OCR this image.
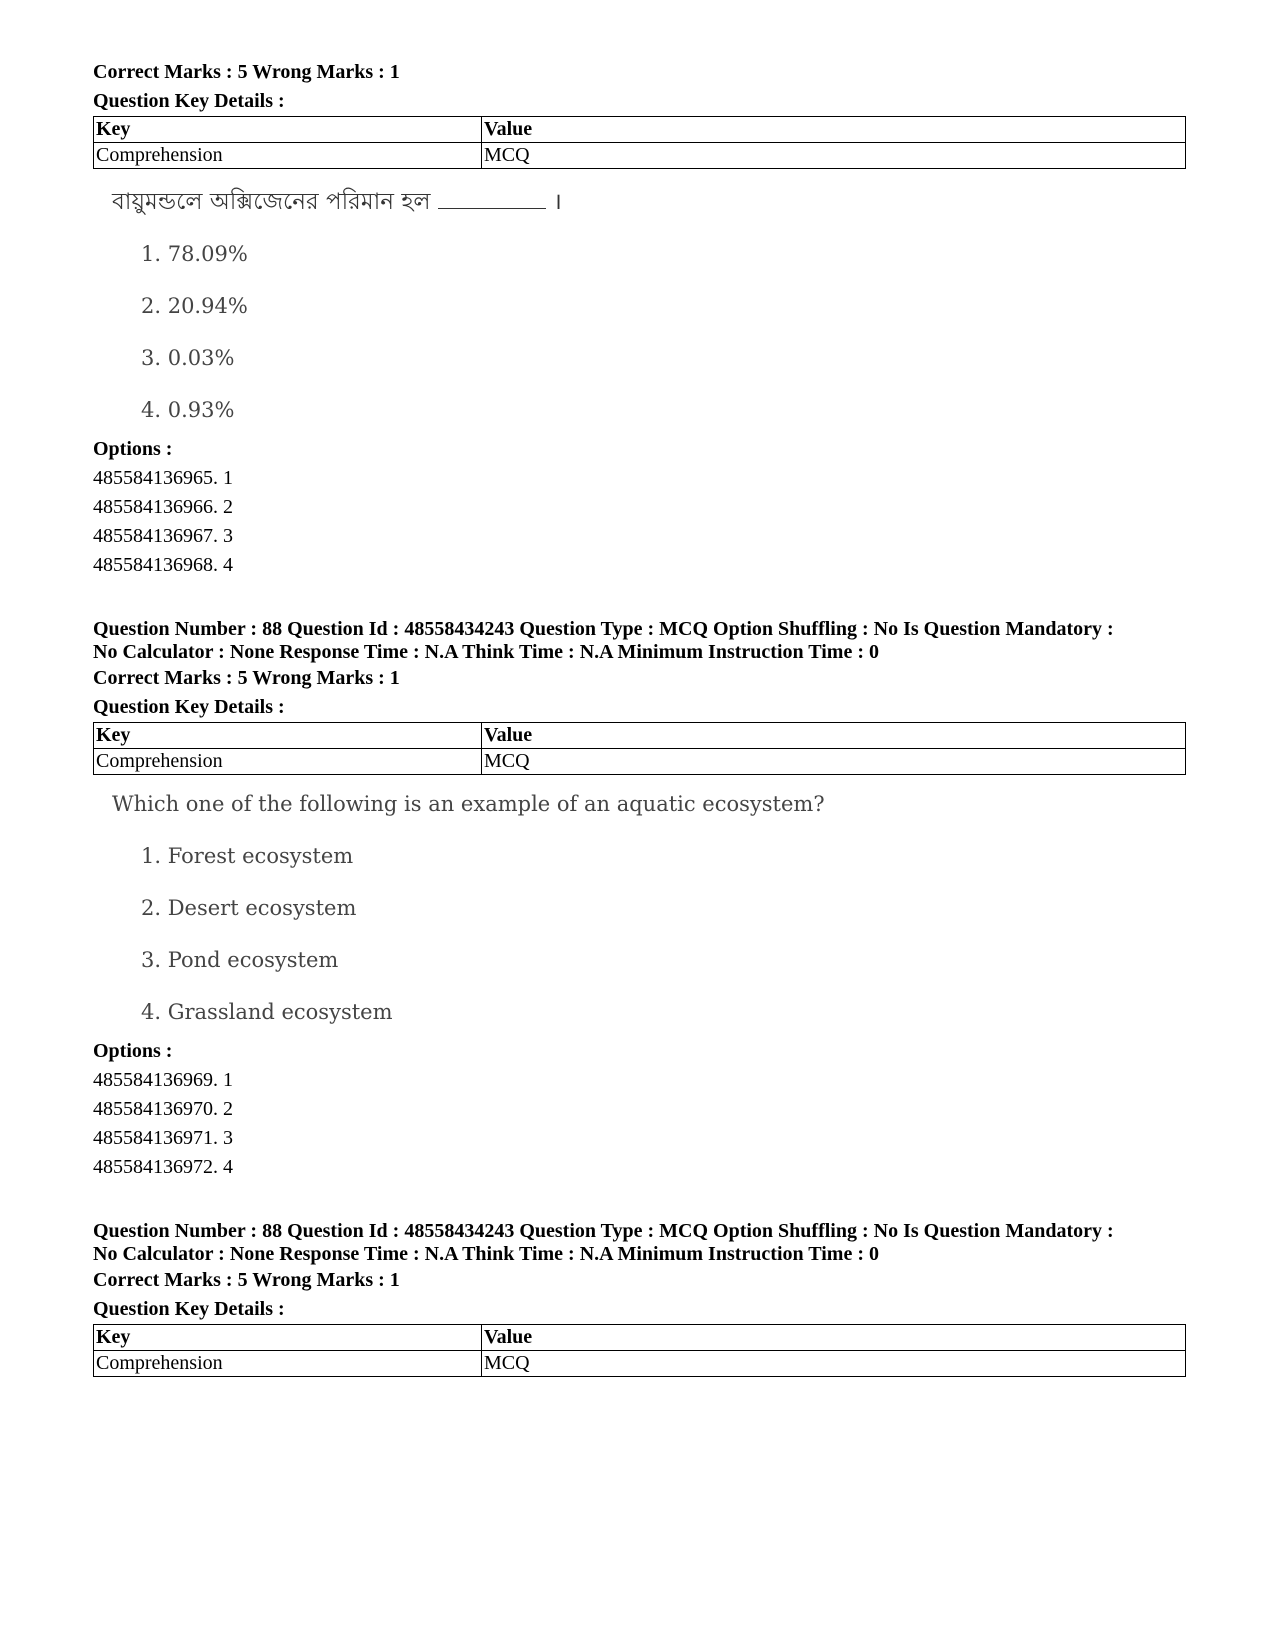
Correct Marks : 5 Wrong Marks : 1
Question Key Details :
Key	Value
Comprehension	MCQ
বায়ুমন্ডলে অক্সিজেনের পরিমান হল	।
1. 78.09%
2. 20.94%
3. 0.03%
4. 0.93%
Options :
485584136965. 1
485584136966. 2
485584136967. 3
485584136968. 4
Question Number : 88 Question Id : 48558434243 Question Type : MCQ Option Shuffling : No Is Question Mandatory :
No Calculator : None Response Time : N.A Think Time : N.A Minimum Instruction Time : 0
Correct Marks : 5 Wrong Marks : 1
Question Key Details :
Key	Value
Comprehension	MCQ
Which one of the following is an example of an aquatic ecosystem?
1. Forest ecosystem
2. Desert ecosystem
3. Pond ecosystem
4. Grassland ecosystem
Options :
485584136969. 1
485584136970. 2
485584136971. 3
485584136972. 4
Question Number : 88 Question Id : 48558434243 Question Type : MCQ Option Shuffling : No Is Question Mandatory :
No Calculator : None Response Time : N.A Think Time : N.A Minimum Instruction Time : 0
Correct Marks : 5 Wrong Marks : 1
Question Key Details :
Key	Value
Comprehension	MCQ
